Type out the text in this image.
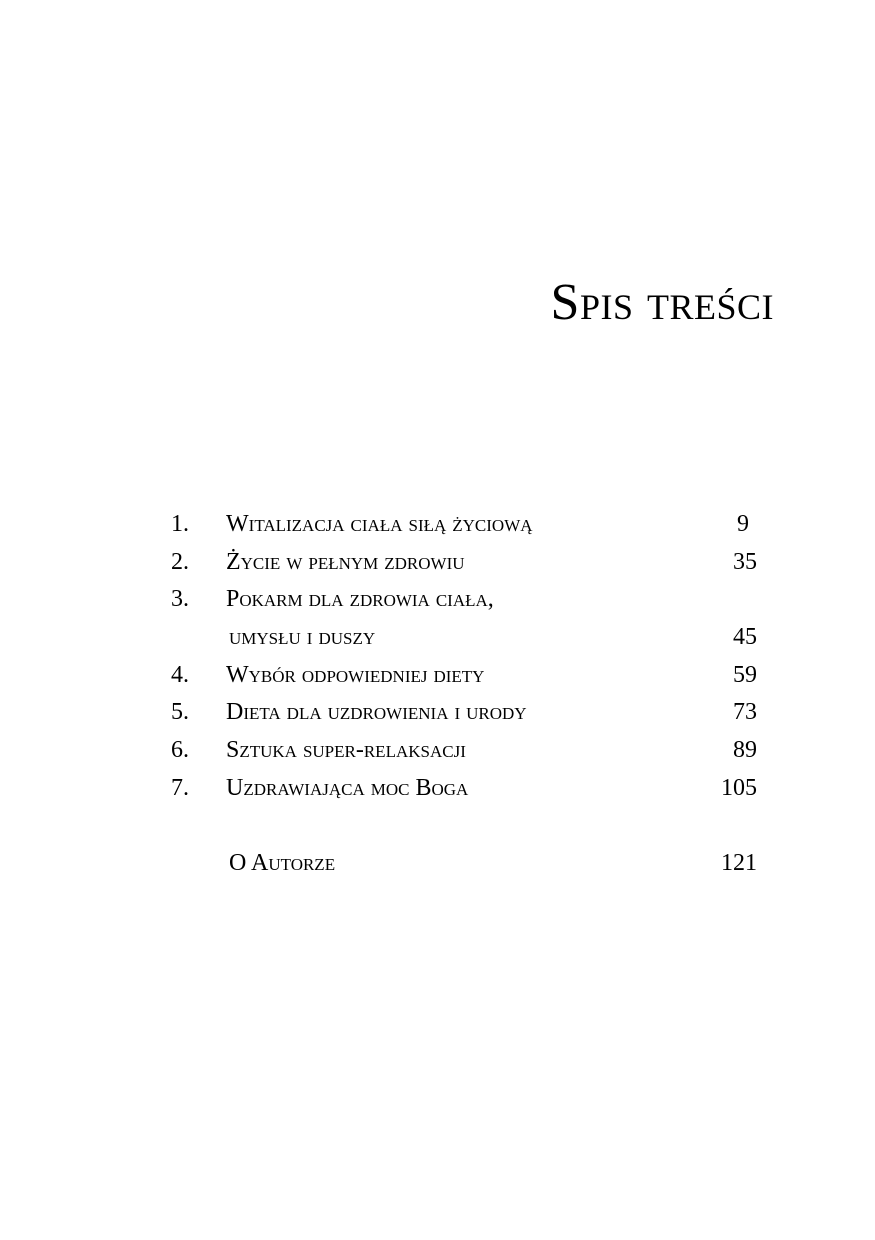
Spis treści
1. Witalizacja ciała siłą życiową	9
2. Życie w pełnym zdrowiu	35
3. Pokarm dla zdrowia ciała,
umysłu i duszy	45
4. Wybór odpowiedniej diety	59
5. Dieta dla uzdrowienia i urody	73
6. Sztuka super-relaksacji	89
7. Uzdrawiająca moc Boga	105
O Autorze	121
